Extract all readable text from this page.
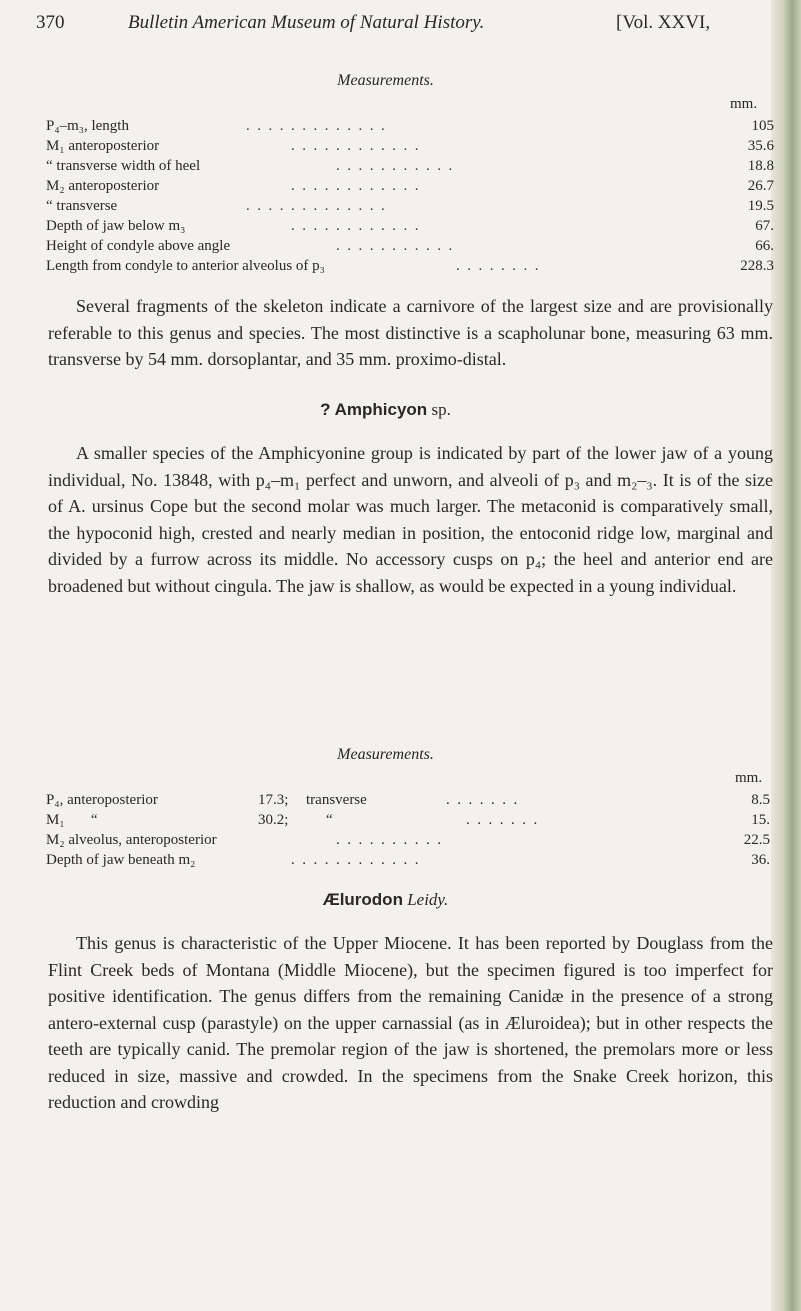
370	Bulletin American Museum of Natural History.	[Vol. XXVI,
Measurements.
mm.
P₄–m₃, length	.  .  .  .  .  .  .  .  .  .  .  .  .	105
M₁ anteroposterior	.  .  .  .  .  .  .  .  .  .  .  .	35.6
“ transverse width of heel	.  .  .  .  .  .  .  .  .  .  .	18.8
M₂ anteroposterior	.  .  .  .  .  .  .  .  .  .  .  .	26.7
“ transverse	.  .  .  .  .  .  .  .  .  .  .  .  .	19.5
Depth of jaw below m₃	.  .  .  .  .  .  .  .  .  .  .  .	67.
Height of condyle above angle	.  .  .  .  .  .  .  .  .  .  .	66.
Length from condyle to anterior alveolus of p₃	.  .  .  .  .  .  .  .	228.3
Several fragments of the skeleton indicate a carnivore of the largest size and are provisionally referable to this genus and species. The most distinctive is a scapholunar bone, measuring 63 mm. transverse by 54 mm. dorsoplantar, and 35 mm. proximo-distal.
? Amphicyon sp.
A smaller species of the Amphicyonine group is indicated by part of the lower jaw of a young individual, No. 13848, with p₄–m₁ perfect and unworn, and alveoli of p₃ and m₂–₃. It is of the size of A. ursinus Cope but the second molar was much larger. The metaconid is comparatively small, the hypoconid high, crested and nearly median in position, the entoconid ridge low, marginal and divided by a furrow across its middle. No accessory cusps on p₄; the heel and anterior end are broadened but without cingula. The jaw is shallow, as would be expected in a young individual.
Measurements.
mm.
P₄, anteroposterior	17.3; transverse	.  .  .  .  .  .  .	8.5
M₁       “	30.2;	“	.  .  .  .  .  .  .	15.
M₂ alveolus, anteroposterior	.  .  .  .  .  .  .  .  .  .	22.5
Depth of jaw beneath m₂	.  .  .  .  .  .  .  .  .  .  .  .	36.
Ælurodon Leidy.
This genus is characteristic of the Upper Miocene. It has been reported by Douglass from the Flint Creek beds of Montana (Middle Miocene), but the specimen figured is too imperfect for positive identification. The genus differs from the remaining Canidæ in the presence of a strong antero-external cusp (parastyle) on the upper carnassial (as in Æluroidea); but in other respects the teeth are typically canid. The premolar region of the jaw is shortened, the premolars more or less reduced in size, massive and crowded. In the specimens from the Snake Creek horizon, this reduction and crowding
